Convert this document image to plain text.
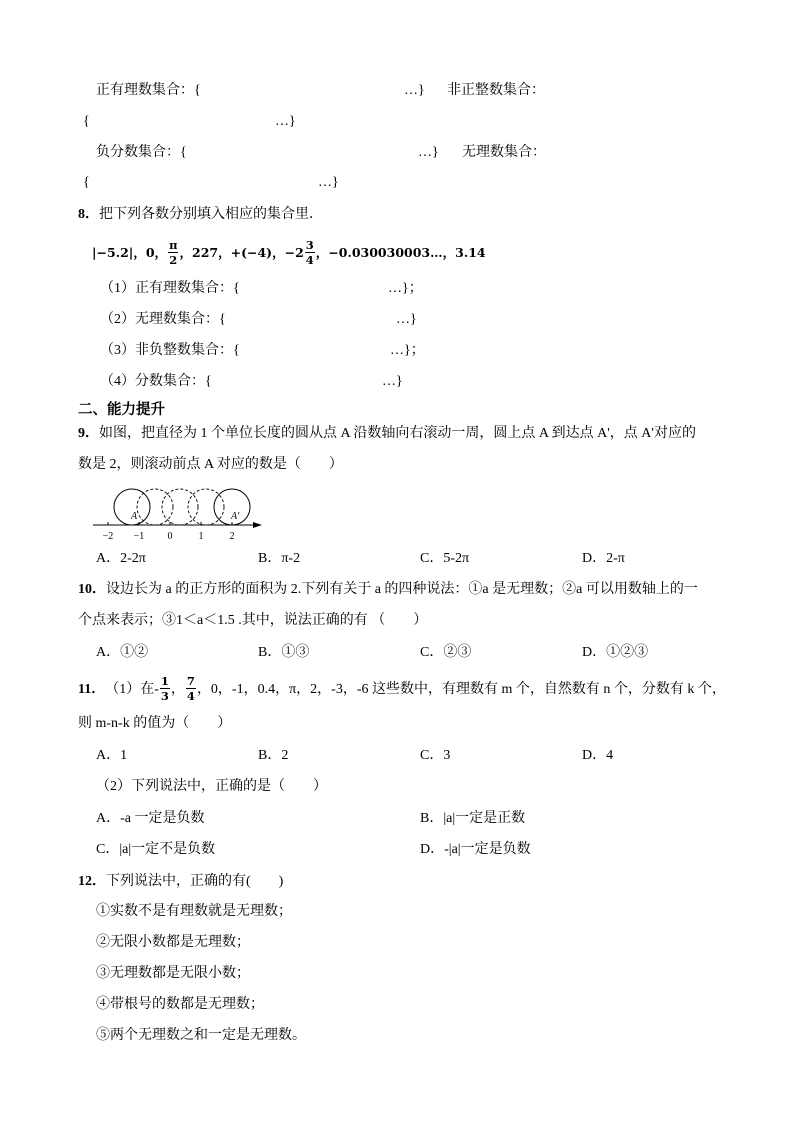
正有理数集合：{	…} 非正整数集合：
{	…}
负分数集合：{	…} 无理数集合：
{	…}
8．把下列各数分别填入相应的集合里．
|−5.2| ， 0 ， $\frac{\pi}{2}$ ， 227 ， +(−4) ， $-2 \frac{3}{4}$ ， −0.030030003… ， 3.14
（1）正有理数集合：{	…}；
（2）无理数集合：{	…}
（3）非负整数集合：{	…}；
（4）分数集合：{	…}
二、能力提升
9．如图，把直径为 1 个单位长度的圆从点 A 沿数轴向右滚动一周，圆上点 A 到达点 A'，点 A'对应的
数是 2，则滚动前点 A 对应的数是（　　）
A	A'
−2 −1 0	1	2
A．2-2π	B．π-2	C．5-2π	D．2-π
10．设边长为 a 的正方形的面积为 2.下列有关于 a 的四种说法：①a 是无理数；②a 可以用数轴上的一
个点来表示；③1＜a＜1.5 .其中，说法正确的有 （　　）
A．①②	B．①③	C．②③	D．①②③
11． （1）在- $\frac{1}{3}$ ， $\frac{7}{4}$ ，0，-1，0.4，π，2，-3，-6 这些数中，有理数有 m 个，自然数有 n 个，分数有 k 个，
则 m-n-k 的值为（　　）
A．1	B．2	C．3	D．4
（2）下列说法中，正确的是（　　）
A．-a 一定是负数	B．|a|一定是正数
C．|a|一定不是负数	D．-|a|一定是负数
12．下列说法中，正确的有(　　)
①实数不是有理数就是无理数；
②无限小数都是无理数；
③无理数都是无限小数；
④带根号的数都是无理数；
⑤两个无理数之和一定是无理数。
